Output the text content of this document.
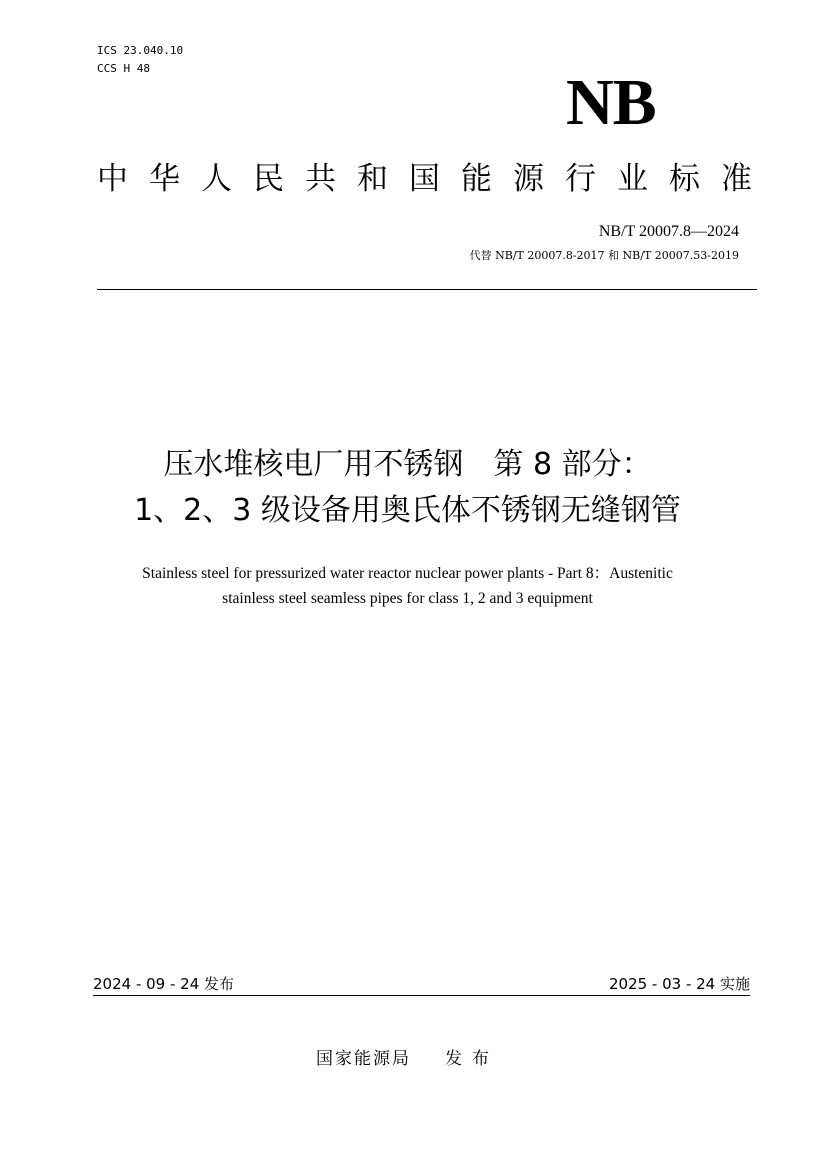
ICS 23.040.10
CCS H 48	NB
中华人民共和国能源行业标准
NB/T 20007.8—2024
代替 NB/T 20007.8-2017 和 NB/T 20007.53-2019
压水堆核电厂用不锈钢　第 8 部分：
1、2、3 级设备用奥氏体不锈钢无缝钢管
Stainless steel for pressurized water reactor nuclear power plants - Part 8：Austenitic
stainless steel seamless pipes for class 1, 2 and 3 equipment
2024 - 09 - 24 发布	2025 - 03 - 24 实施
国家能源局 发布
